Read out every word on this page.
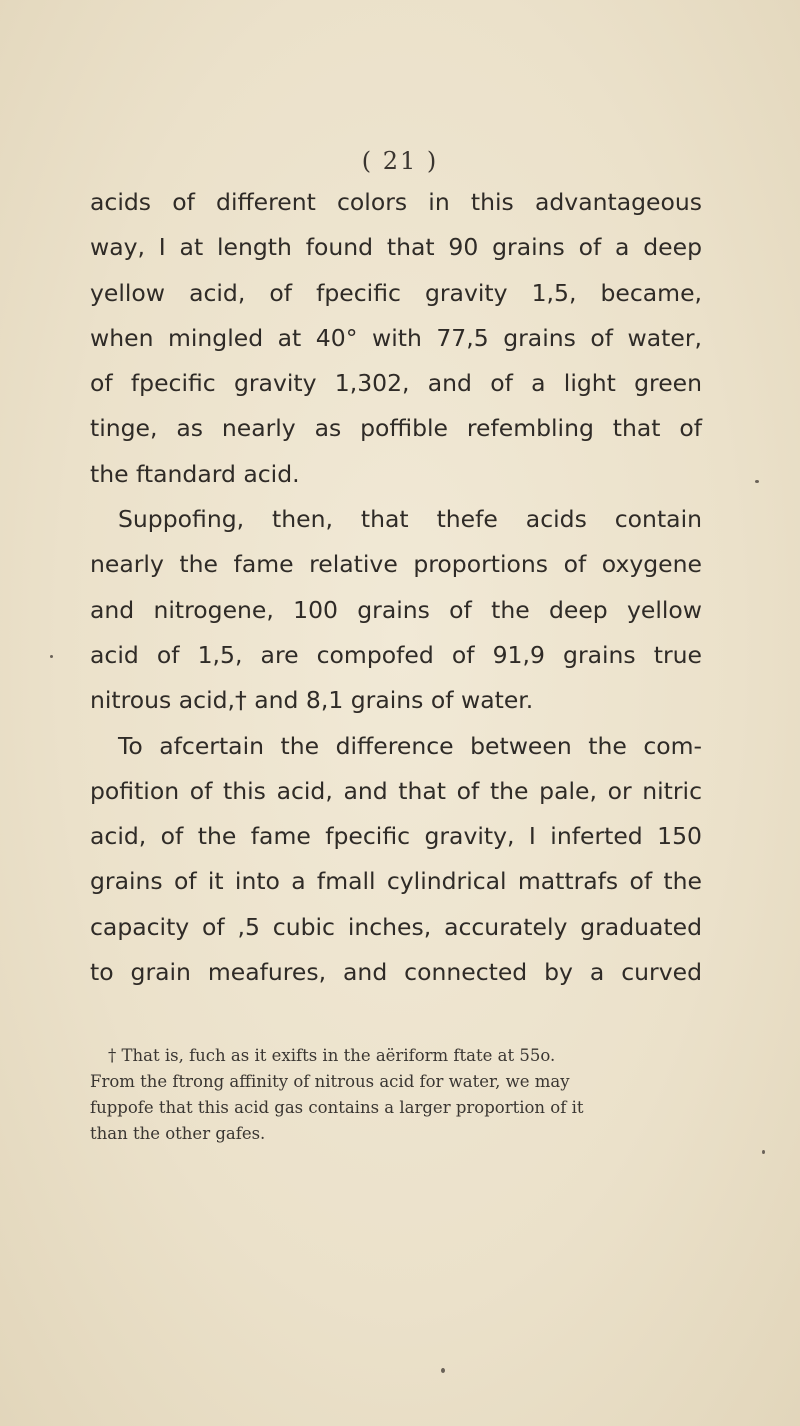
( 21 )
acids of different colors in this advantageous
way, I at length found that 90 grains of a deep
yellow acid, of fpecific gravity 1,5, became,
when mingled at 40° with 77,5 grains of water,
of fpecific gravity 1,302, and of a light green
tinge, as nearly as poffible refembling that of
the ftandard acid.
Suppofing, then, that thefe acids contain
nearly the fame relative proportions of oxygene
and nitrogene, 100 grains of the deep yellow
acid of 1,5, are compofed of 91,9 grains true
nitrous acid,† and 8,1 grains of water.
To afcertain the difference between the com-
pofition of this acid, and that of the pale, or nitric
acid, of the fame fpecific gravity, I inferted 150
grains of it into a fmall cylindrical mattrafs of the
capacity of ,5 cubic inches, accurately graduated
to grain meafures, and connected by a curved
† That is, fuch as it exifts in the aëriform ftate at 55o.
From the ftrong affinity of nitrous acid for water, we may
fuppofe that this acid gas contains a larger proportion of it
than the other gafes.
